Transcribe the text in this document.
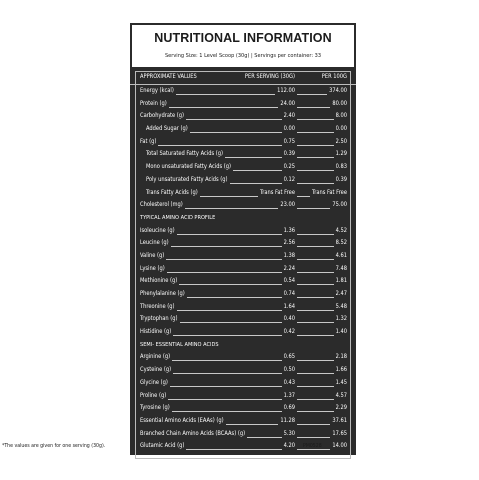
NUTRITIONAL INFORMATION
Serving Size: 1 Level Scoop (30g) | Servings per container: 33
APPROXIMATE VALUES	PER SERVING (30G)	PER 100G
Energy (kcal)	112.00	374.00
Protein (g)	24.00	80.00
Carbohydrate (g)	2.40	8.00
Added Sugar (g)	0.00	0.00
Fat (g)	0.75	2.50
Total Saturated Fatty Acids (g)	0.39	1.29
Mono unsaturated Fatty Acids (g)	0.25	0.83
Poly unsaturated Fatty Acids (g)	0.12	0.39
Trans Fatty Acids (g)	Trans Fat Free	Trans Fat Free
Cholesterol (mg)	23.00	75.00
TYPICAL AMINO ACID PROFILE
Isoleucine (g)	1.36	4.52
Leucine (g)	2.56	8.52
Valine (g)	1.38	4.61
Lysine (g)	2.24	7.48
Methionine (g)	0.54	1.81
Phenylalanine (g)	0.74	2.47
Threonine (g)	1.64	5.48
Tryptophan (g)	0.40	1.32
Histidine (g)	0.42	1.40
SEMI- ESSENTIAL AMINO ACIDS
Arginine (g)	0.65	2.18
Cysteine (g)	0.50	1.66
Glycine (g)	0.43	1.45
Proline (g)	1.37	4.57
Tyrosine (g)	0.69	2.29
Essential Amino Acids (EAAs) (g)	11.28	37.61
Branched Chain Amino Acids (BCAAs) (g)	5.30	17.65
Glutamic Acid (g)	4.20	14.00
*The values are given for one serving (30g).	PM0528
